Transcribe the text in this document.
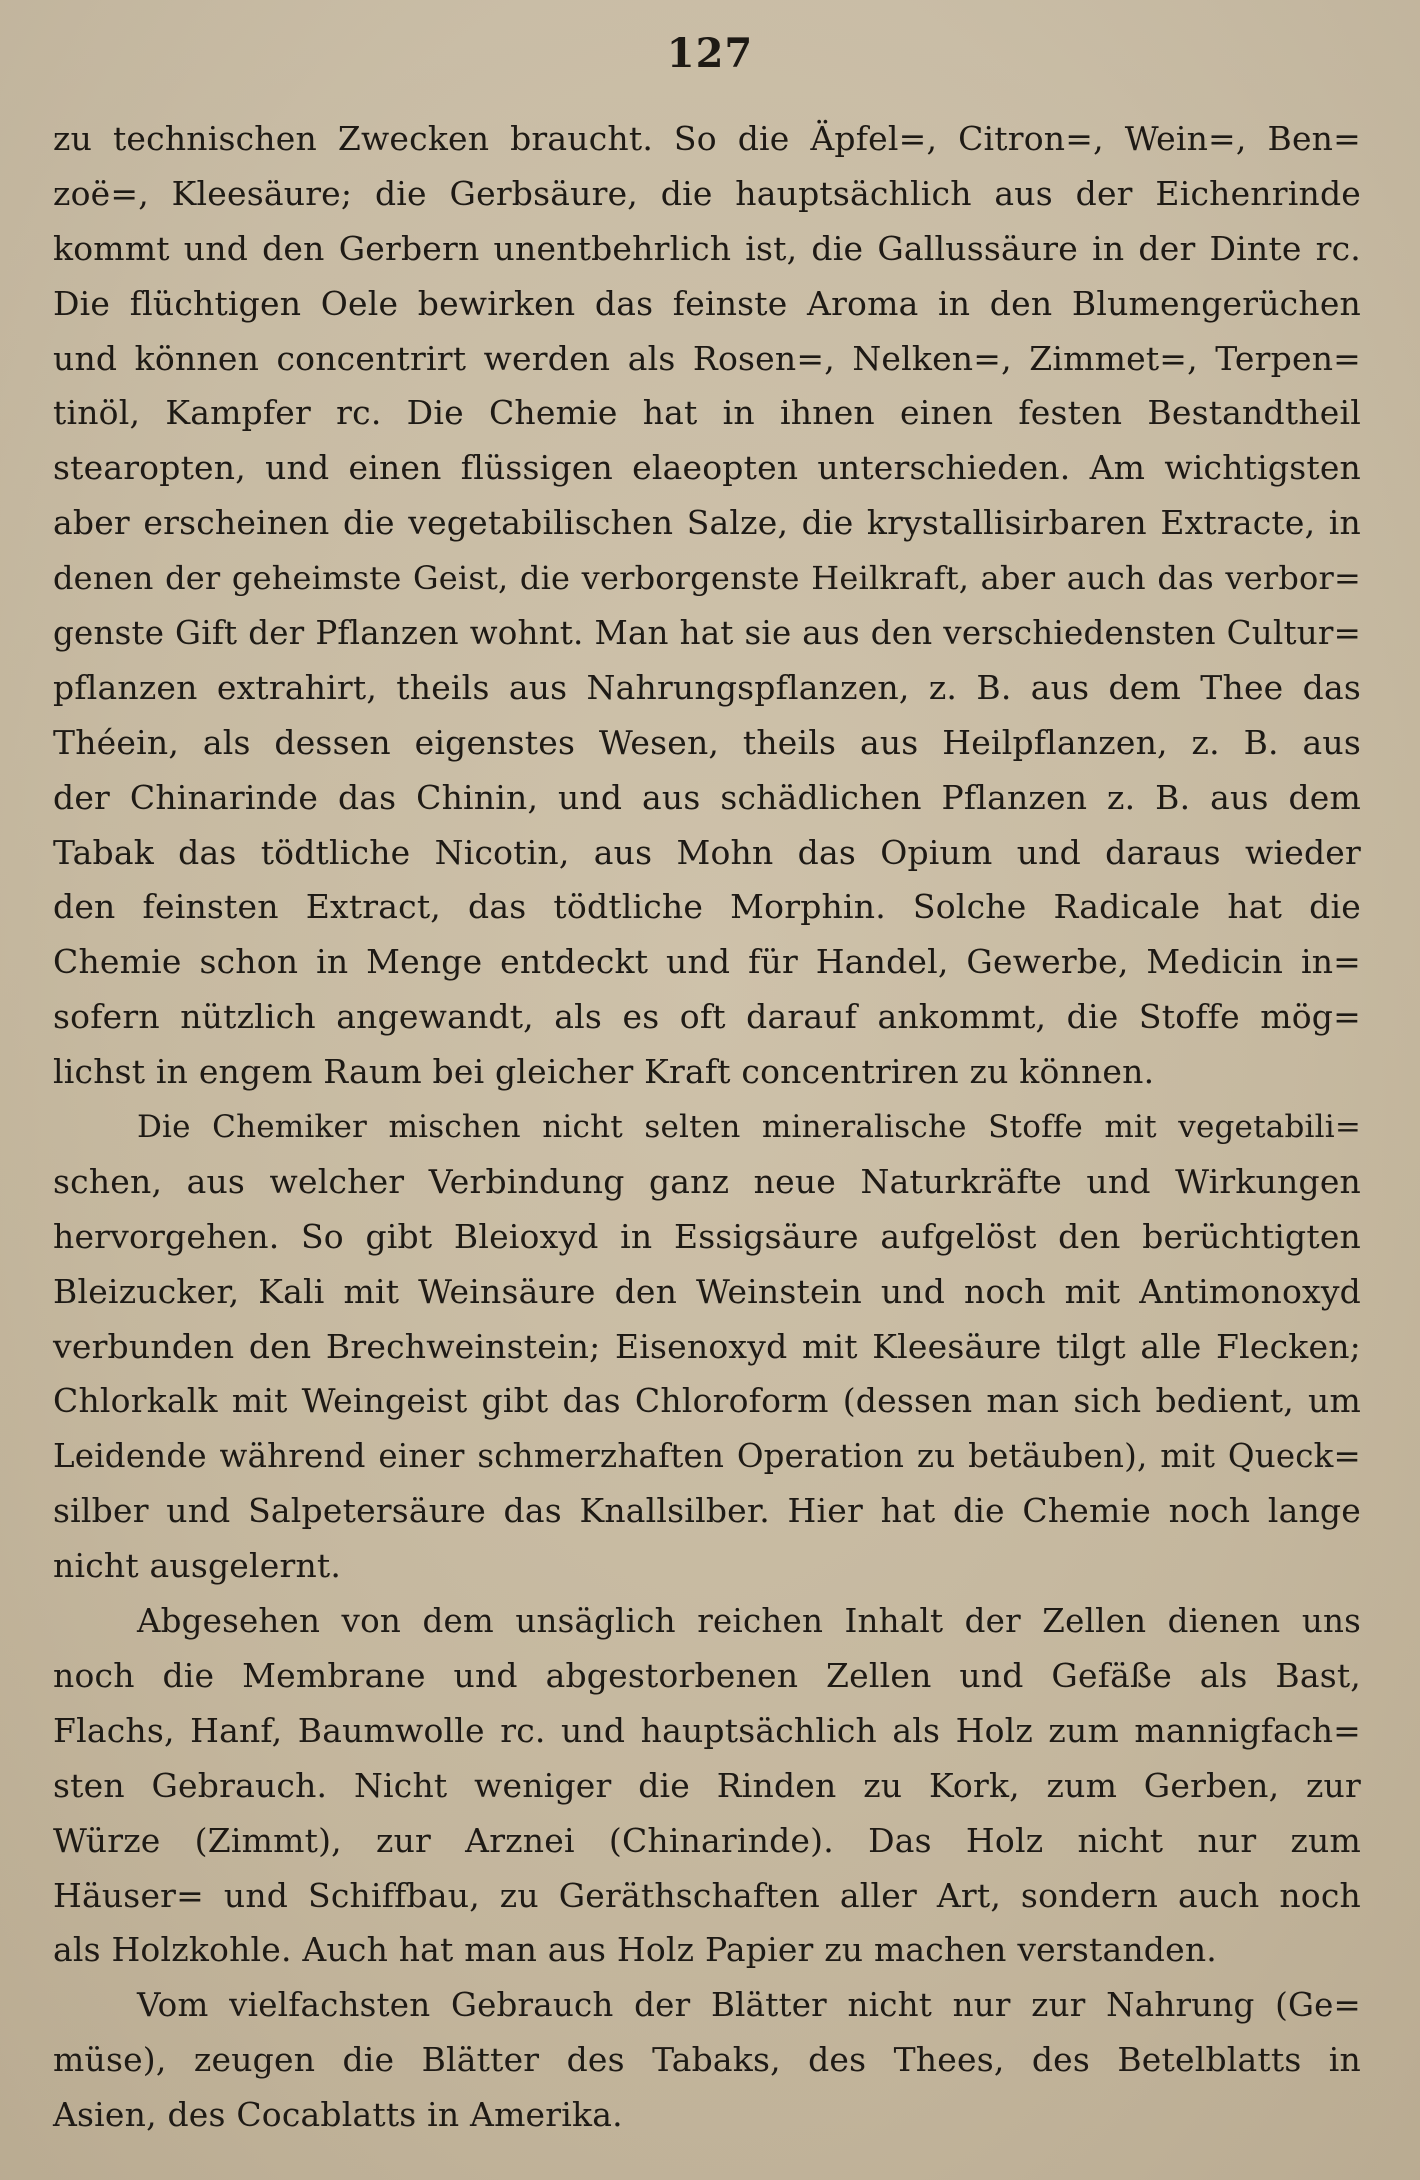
127
zu technischen Zwecken braucht. So die Äpfel=, Citron=, Wein=, Ben=
zoë=, Kleesäure; die Gerbsäure, die hauptsächlich aus der Eichenrinde
kommt und den Gerbern unentbehrlich ist, die Gallussäure in der Dinte rc.
Die flüchtigen Oele bewirken das feinste Aroma in den Blumengerüchen
und können concentrirt werden als Rosen=, Nelken=, Zimmet=, Terpen=
tinöl, Kampfer rc. Die Chemie hat in ihnen einen festen Bestandtheil
stearopten, und einen flüssigen elaeopten unterschieden. Am wichtigsten
aber erscheinen die vegetabilischen Salze, die krystallisirbaren Extracte, in
denen der geheimste Geist, die verborgenste Heilkraft, aber auch das verbor=
genste Gift der Pflanzen wohnt. Man hat sie aus den verschiedensten Cultur=
pflanzen extrahirt, theils aus Nahrungspflanzen, z. B. aus dem Thee das
Théein, als dessen eigenstes Wesen, theils aus Heilpflanzen, z. B. aus
der Chinarinde das Chinin, und aus schädlichen Pflanzen z. B. aus dem
Tabak das tödtliche Nicotin, aus Mohn das Opium und daraus wieder
den feinsten Extract, das tödtliche Morphin. Solche Radicale hat die
Chemie schon in Menge entdeckt und für Handel, Gewerbe, Medicin in=
sofern nützlich angewandt, als es oft darauf ankommt, die Stoffe mög=
lichst in engem Raum bei gleicher Kraft concentriren zu können.
Die Chemiker mischen nicht selten mineralische Stoffe mit vegetabili=
schen, aus welcher Verbindung ganz neue Naturkräfte und Wirkungen
hervorgehen. So gibt Bleioxyd in Essigsäure aufgelöst den berüchtigten
Bleizucker, Kali mit Weinsäure den Weinstein und noch mit Antimonoxyd
verbunden den Brechweinstein; Eisenoxyd mit Kleesäure tilgt alle Flecken;
Chlorkalk mit Weingeist gibt das Chloroform (dessen man sich bedient, um
Leidende während einer schmerzhaften Operation zu betäuben), mit Queck=
silber und Salpetersäure das Knallsilber. Hier hat die Chemie noch lange
nicht ausgelernt.
Abgesehen von dem unsäglich reichen Inhalt der Zellen dienen uns
noch die Membrane und abgestorbenen Zellen und Gefäße als Bast,
Flachs, Hanf, Baumwolle rc. und hauptsächlich als Holz zum mannigfach=
sten Gebrauch. Nicht weniger die Rinden zu Kork, zum Gerben, zur
Würze (Zimmt), zur Arznei (Chinarinde). Das Holz nicht nur zum
Häuser= und Schiffbau, zu Geräthschaften aller Art, sondern auch noch
als Holzkohle. Auch hat man aus Holz Papier zu machen verstanden.
Vom vielfachsten Gebrauch der Blätter nicht nur zur Nahrung (Ge=
müse), zeugen die Blätter des Tabaks, des Thees, des Betelblatts in
Asien, des Cocablatts in Amerika.
